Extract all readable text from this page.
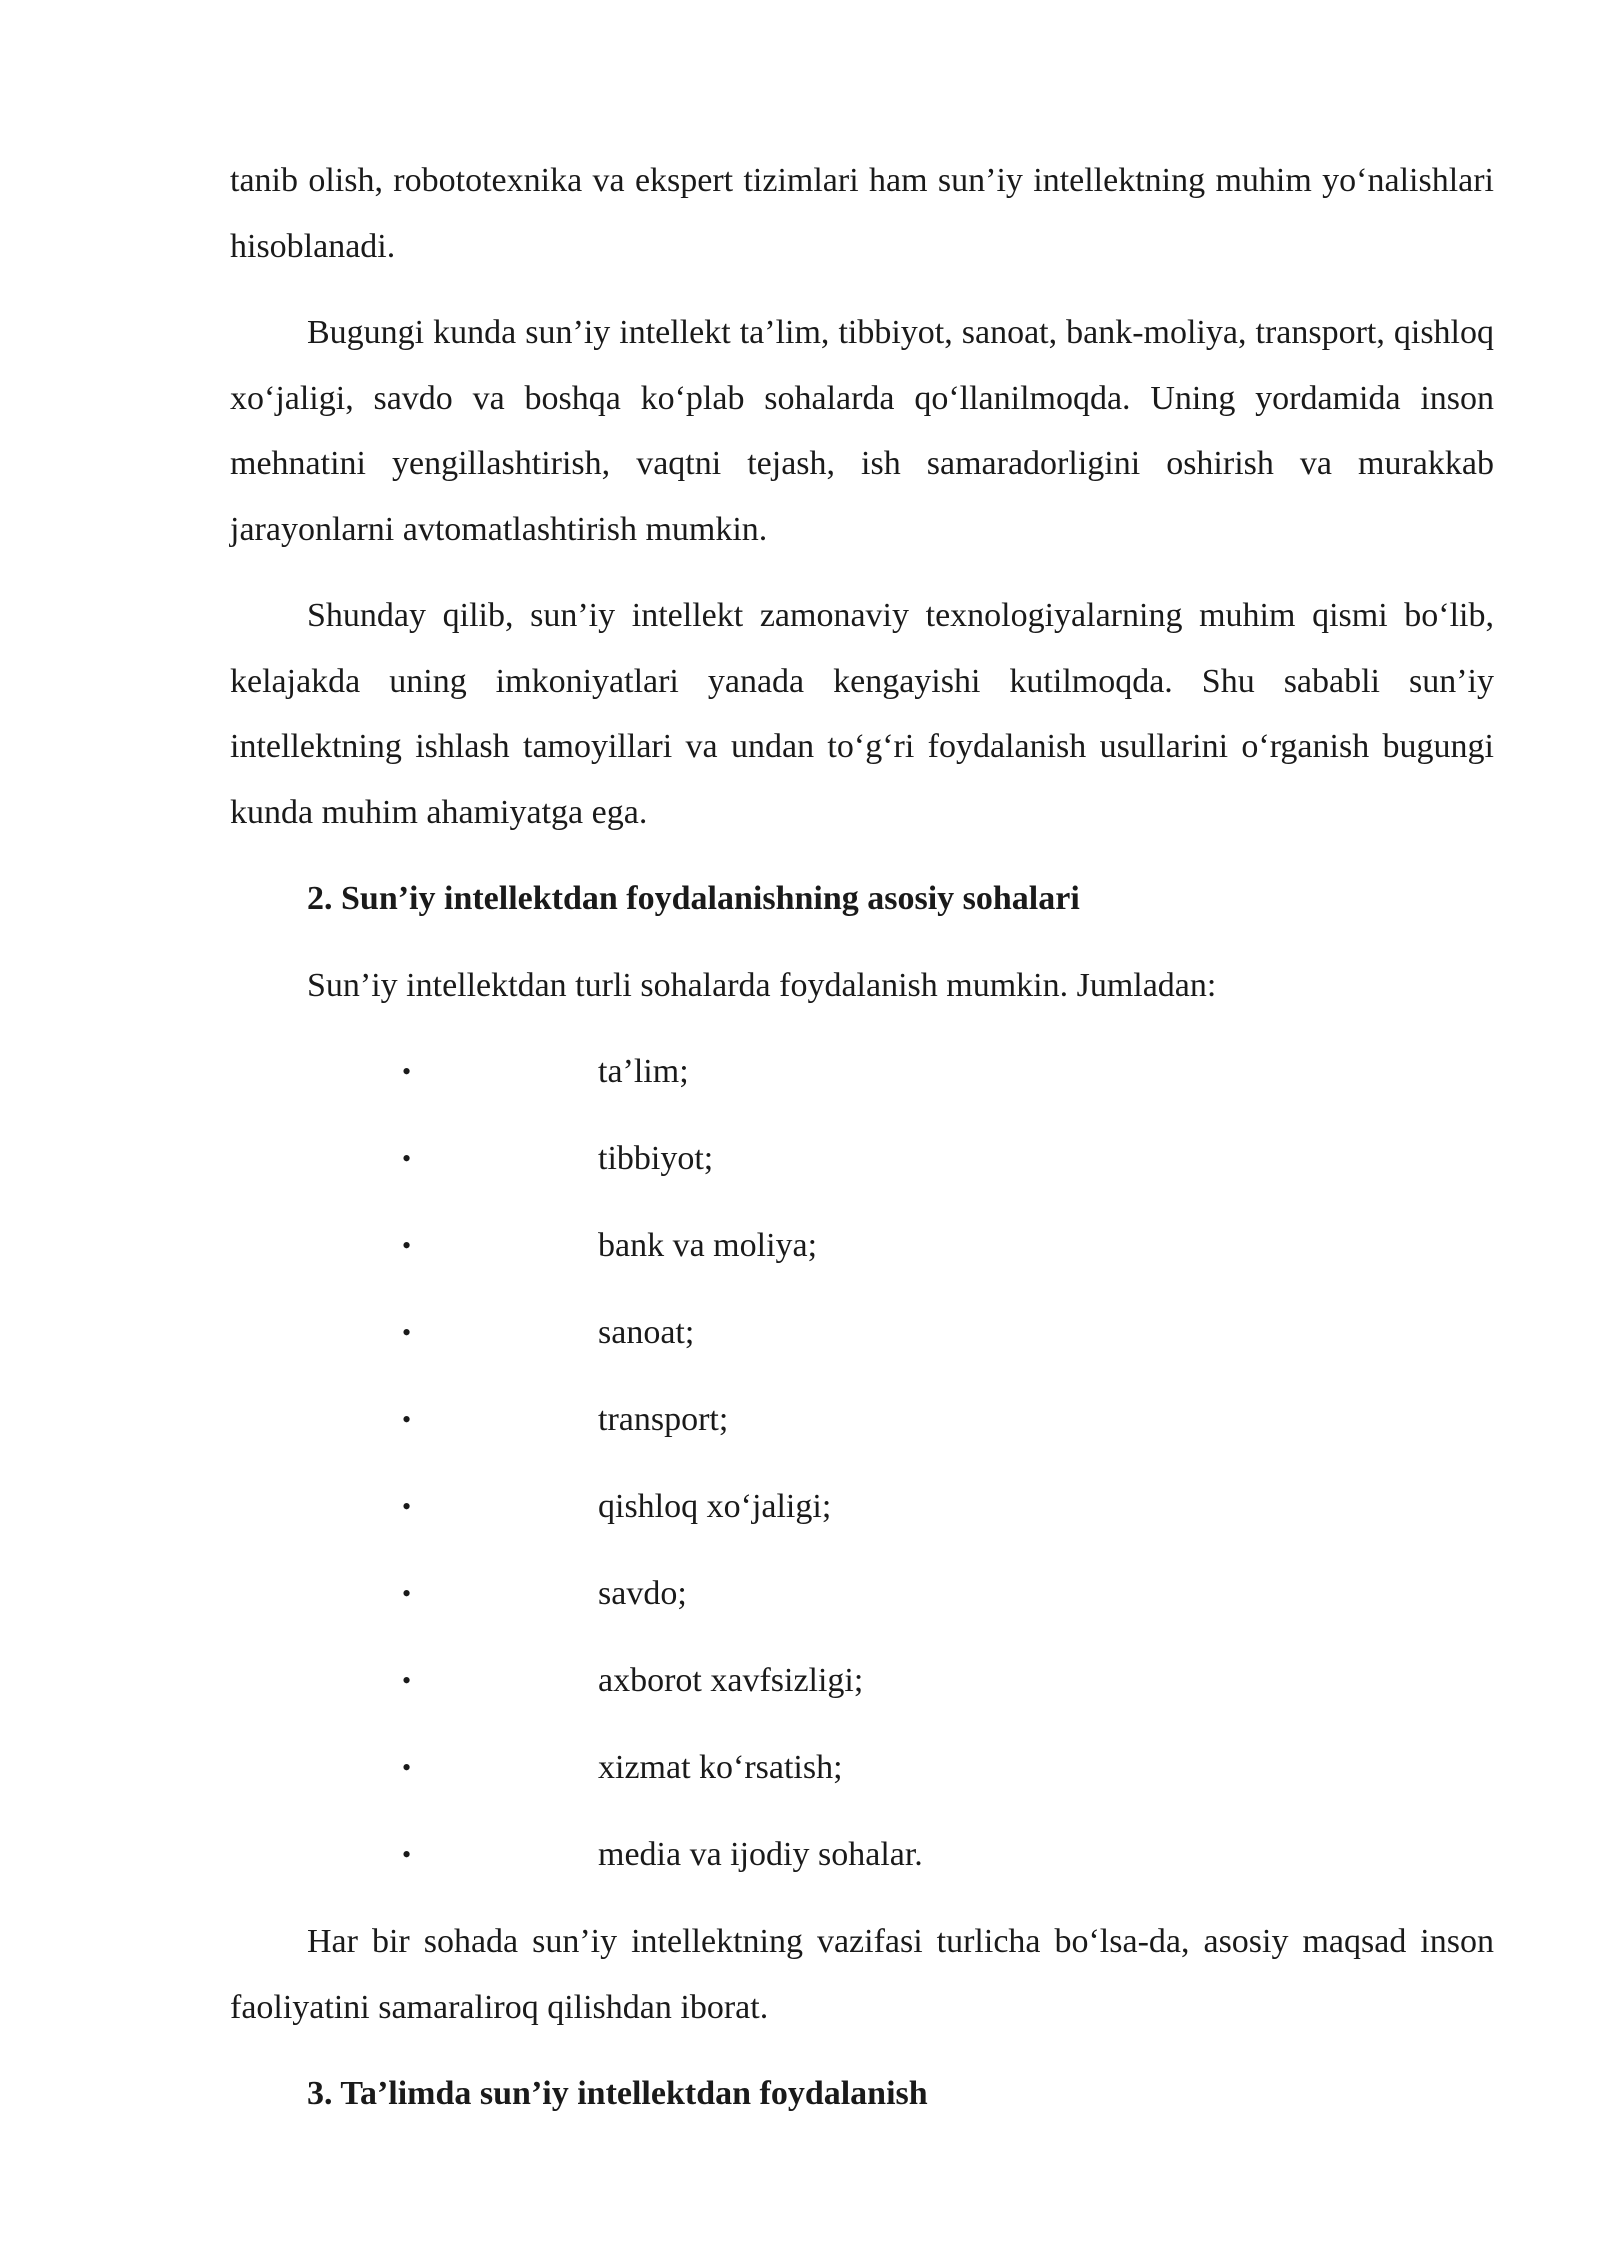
tanib olish, robototexnika va ekspert tizimlari ham sun’iy intellektning muhim yo‘nalishlari hisoblanadi.

Bugungi kunda sun’iy intellekt ta’lim, tibbiyot, sanoat, bank-moliya, transport, qishloq xo‘jaligi, savdo va boshqa ko‘plab sohalarda qo‘llanilmoqda. Uning yordamida inson mehnatini yengillashtirish, vaqtni tejash, ish samaradorligini oshirish va murakkab jarayonlarni avtomatlashtirish mumkin.

Shunday qilib, sun’iy intellekt zamonaviy texnologiyalarning muhim qismi bo‘lib, kelajakda uning imkoniyatlari yanada kengayishi kutilmoqda. Shu sababli sun’iy intellektning ishlash tamoyillari va undan to‘g‘ri foydalanish usullarini o‘rganish bugungi kunda muhim ahamiyatga ega.

2. Sun’iy intellektdan foydalanishning asosiy sohalari
Sun’iy intellektdan turli sohalarda foydalanish mumkin. Jumladan:
•	ta’lim;
•	tibbiyot;
•	bank va moliya;
•	sanoat;
•	transport;
•	qishloq xo‘jaligi;
•	savdo;
•	axborot xavfsizligi;
•	xizmat ko‘rsatish;
•	media va ijodiy sohalar.

Har bir sohada sun’iy intellektning vazifasi turlicha bo‘lsa-da, asosiy maqsad inson faoliyatini samaraliroq qilishdan iborat.

3. Ta’limda sun’iy intellektdan foydalanish
